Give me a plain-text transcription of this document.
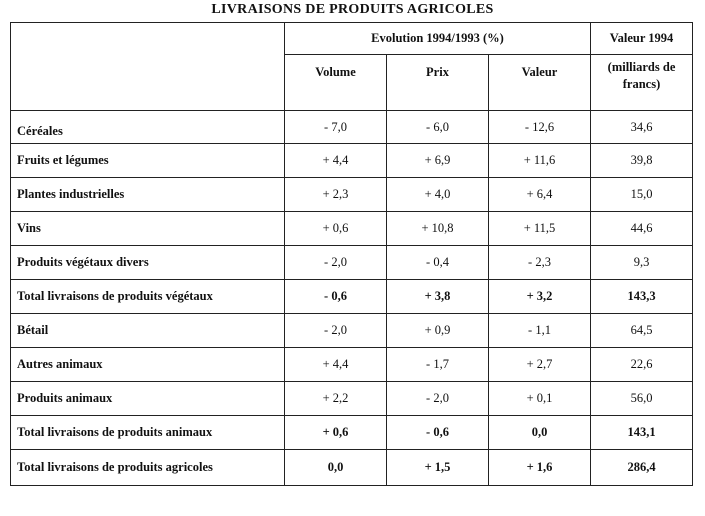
LIVRAISONS DE PRODUITS AGRICOLES
	Evolution 1994/1993 (%)			Valeur 1994
	Volume	Prix	Valeur	(milliards de francs)
Céréales	- 7,0	- 6,0	- 12,6	34,6
Fruits et légumes	+ 4,4	+ 6,9	+ 11,6	39,8
Plantes industrielles	+ 2,3	+ 4,0	+ 6,4	15,0
Vins	+ 0,6	+ 10,8	+ 11,5	44,6
Produits végétaux divers	- 2,0	- 0,4	- 2,3	9,3
Total livraisons de produits végétaux	- 0,6	+ 3,8	+ 3,2	143,3
Bétail	- 2,0	+ 0,9	- 1,1	64,5
Autres animaux	+ 4,4	- 1,7	+ 2,7	22,6
Produits animaux	+ 2,2	- 2,0	+ 0,1	56,0
Total livraisons de produits animaux	+ 0,6	- 0,6	0,0	143,1
Total livraisons de produits agricoles	0,0	+ 1,5	+ 1,6	286,4
